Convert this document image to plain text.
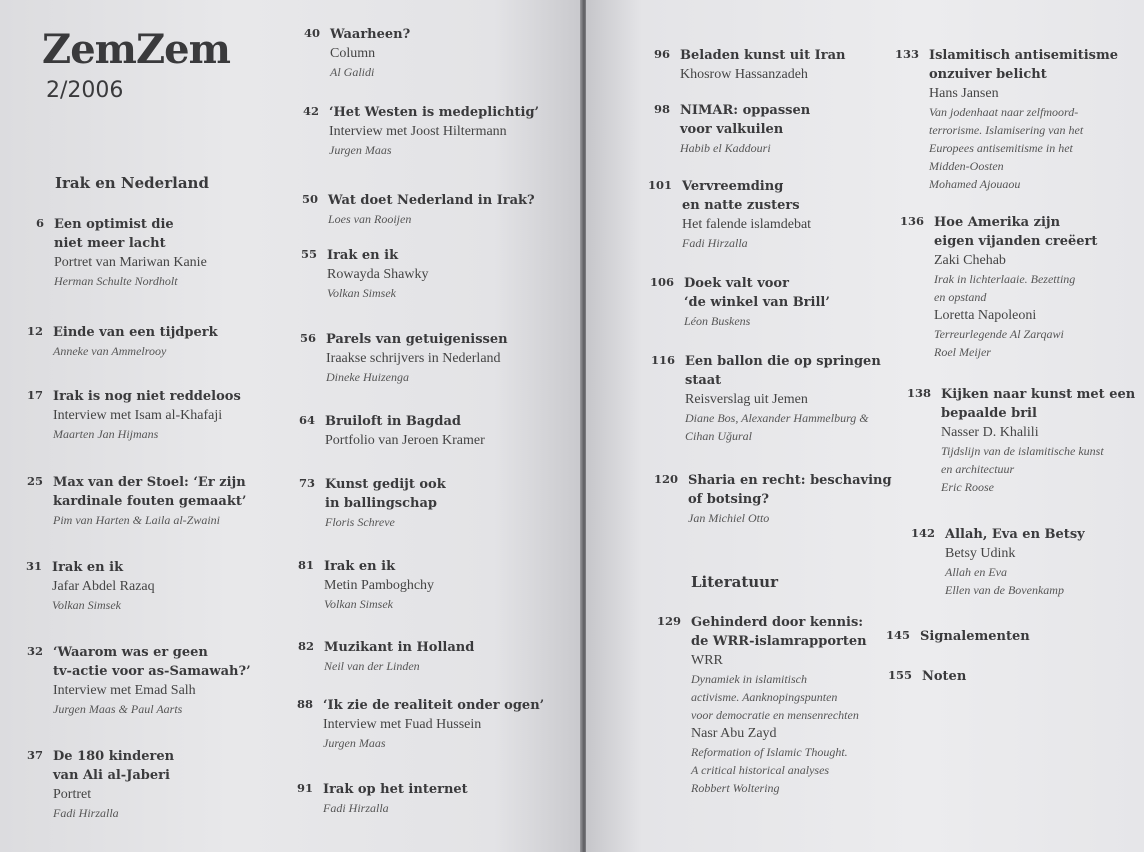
ZemZem
2/2006
Irak en Nederland
6 Een optimist die
niet meer lacht
Portret van Mariwan Kanie
Herman Schulte Nordholt
12 Einde van een tijdperk
Anneke van Ammelrooy
17 Irak is nog niet reddeloos
Interview met Isam al-Khafaji
Maarten Jan Hijmans
25 Max van der Stoel: ‘Er zijn
kardinale fouten gemaakt’
Pim van Harten & Laila al-Zwaini
31 Irak en ik
Jafar Abdel Razaq
Volkan Simsek
32 ‘Waarom was er geen
tv-actie voor as-Samawah?’
Interview met Emad Salh
Jurgen Maas & Paul Aarts
37 De 180 kinderen
van Ali al-Jaberi
Portret
Fadi Hirzalla
40 Waarheen?
Column
Al Galidi
42 ‘Het Westen is medeplichtig’
Interview met Joost Hiltermann
Jurgen Maas
50 Wat doet Nederland in Irak?
Loes van Rooijen
55 Irak en ik
Rowayda Shawky
Volkan Simsek
56 Parels van getuigenissen
Iraakse schrijvers in Nederland
Dineke Huizenga
64 Bruiloft in Bagdad
Portfolio van Jeroen Kramer
73 Kunst gedijt ook
in ballingschap
Floris Schreve
81 Irak en ik
Metin Pamboghchy
Volkan Simsek
82 Muzikant in Holland
Neil van der Linden
88 ‘Ik zie de realiteit onder ogen’
Interview met Fuad Hussein
Jurgen Maas
91 Irak op het internet
Fadi Hirzalla
Literatuur
96 Beladen kunst uit Iran
Khosrow Hassanzadeh
98 NIMAR: oppassen
voor valkuilen
Habib el Kaddouri
101 Vervreemding
en natte zusters
Het falende islamdebat
Fadi Hirzalla
106 Doek valt voor
‘de winkel van Brill’
Léon Buskens
116 Een ballon die op springen
staat
Reisverslag uit Jemen
Diane Bos, Alexander Hammelburg &
Cihan Uğural
120 Sharia en recht: beschaving
of botsing?
Jan Michiel Otto
129 Gehinderd door kennis:
de WRR-islamrapporten
WRR
Dynamiek in islamitisch
activisme. Aanknopingspunten
voor democratie en mensenrechten
Nasr Abu Zayd
Reformation of Islamic Thought.
A critical historical analyses
Robbert Woltering
133 Islamitisch antisemitisme
onzuiver belicht
Hans Jansen
Van jodenhaat naar zelfmoord-
terrorisme. Islamisering van het
Europees antisemitisme in het
Midden-Oosten
Mohamed Ajouaou
136 Hoe Amerika zijn
eigen vijanden creëert
Zaki Chehab
Irak in lichterlaaie. Bezetting
en opstand
Loretta Napoleoni
Terreurlegende Al Zarqawi
Roel Meijer
138 Kijken naar kunst met een
bepaalde bril
Nasser D. Khalili
Tijdslijn van de islamitische kunst
en architectuur
Eric Roose
142 Allah, Eva en Betsy
Betsy Udink
Allah en Eva
Ellen van de Bovenkamp
145 Signalementen
155 Noten
